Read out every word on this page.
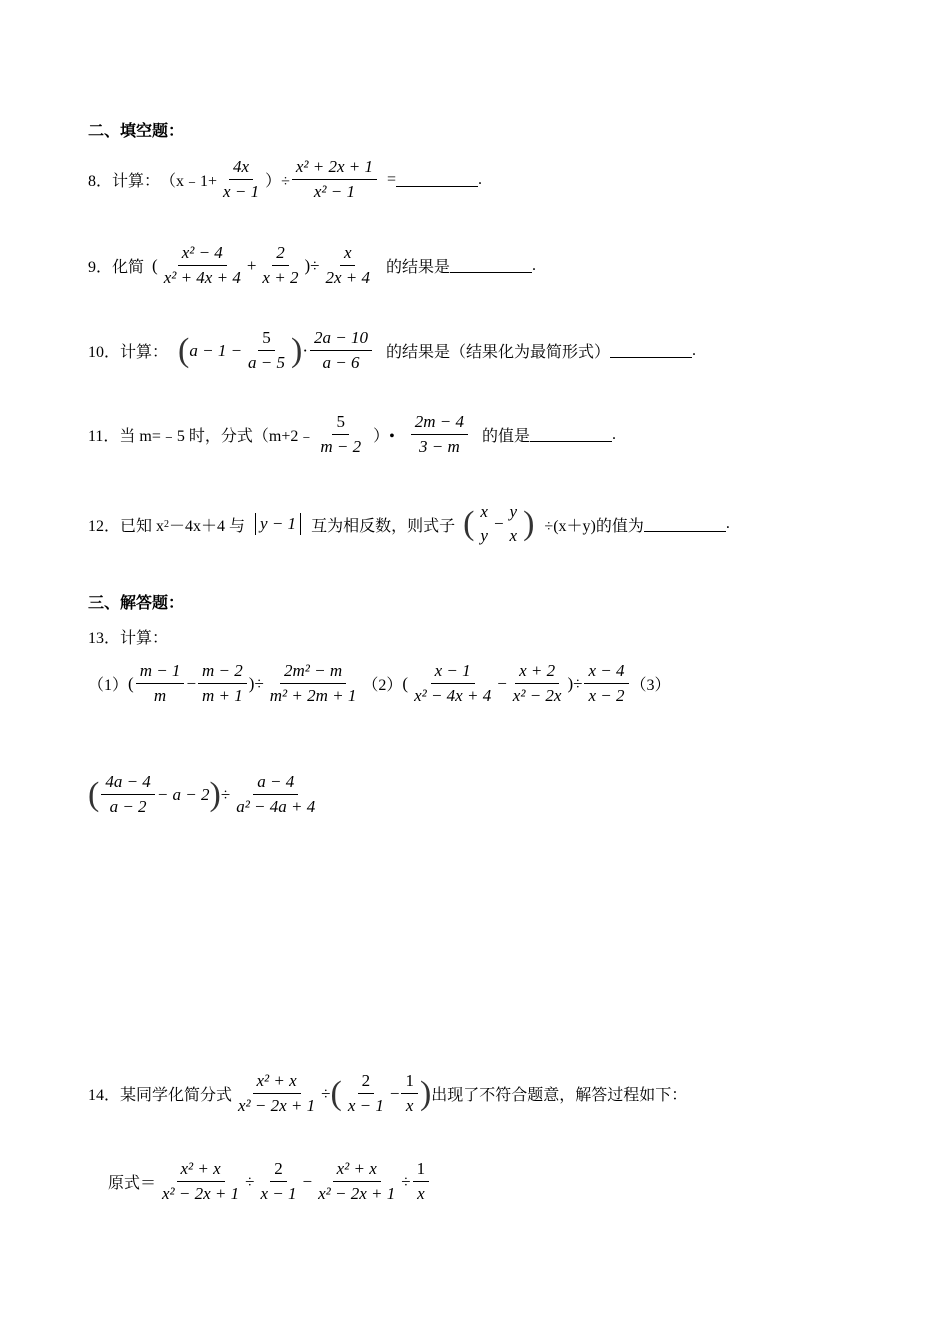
二、填空题：
8．计算： （x﹣1+ $\frac{4x}{x - 1}$ ）÷ $\frac{\text{x² + 2x + 1}}{\text{x² − 1}}$ =	.
9．化简 ( $\frac{\text{x² − 4}}{\text{x² + 4x + 4}} + \frac{2}{x + 2}$ )÷ $\frac{x}{2x + 4}$ 的结果是	.
10．计算： ( $a - 1 - \frac{5}{a - 5}$ ) · $\frac{2a - 10}{a - 6}$ 的结果是（结果化为最简形式）	.
11．当 m=﹣5 时，分式（m+2﹣ $\frac{5}{m - 2}$ ）• $\frac{2m - 4}{3 - m}$ 的值是	.
12．已知 x 2 －4x＋4 与 y − 1 互为相反数，则式子 ( x
y
−
y
x ) ÷(x＋y)的值为	.
三、解答题：
13．计算：
（1） ( $\frac{m - 1}{m} - \frac{m - 2}{m + 1}$ )÷ $\frac{\text{2m² − m}}{\text{m² + 2m + 1}} (2)$ ( $\frac{x - 1}{\text{x² − 4x + 4}} - \frac{x + 2}{\text{x² − 2x}}$ )÷ $\frac{x - 4}{x - 2} (3)$
( $\frac{4a - 4}{a - 2} - a - 2$ ) ÷ $\frac{a - 4}{\text{a² − 4a + 4}}$
14．某同学化简分式 $\frac{\text{x² + x}}{\text{x² − 2x + 1}}$ ÷ ( $\frac{2}{x - 1} - \frac{1}{x}$ ) 出现了不符合题意，解答过程如下：
原式＝ $\frac{\text{x² + x}}{\text{x² − 2x + 1}} \div \frac{2}{x - 1} - \frac{\text{x² + x}}{\text{x² − 2x + 1}} \div \frac{1}{x}$
